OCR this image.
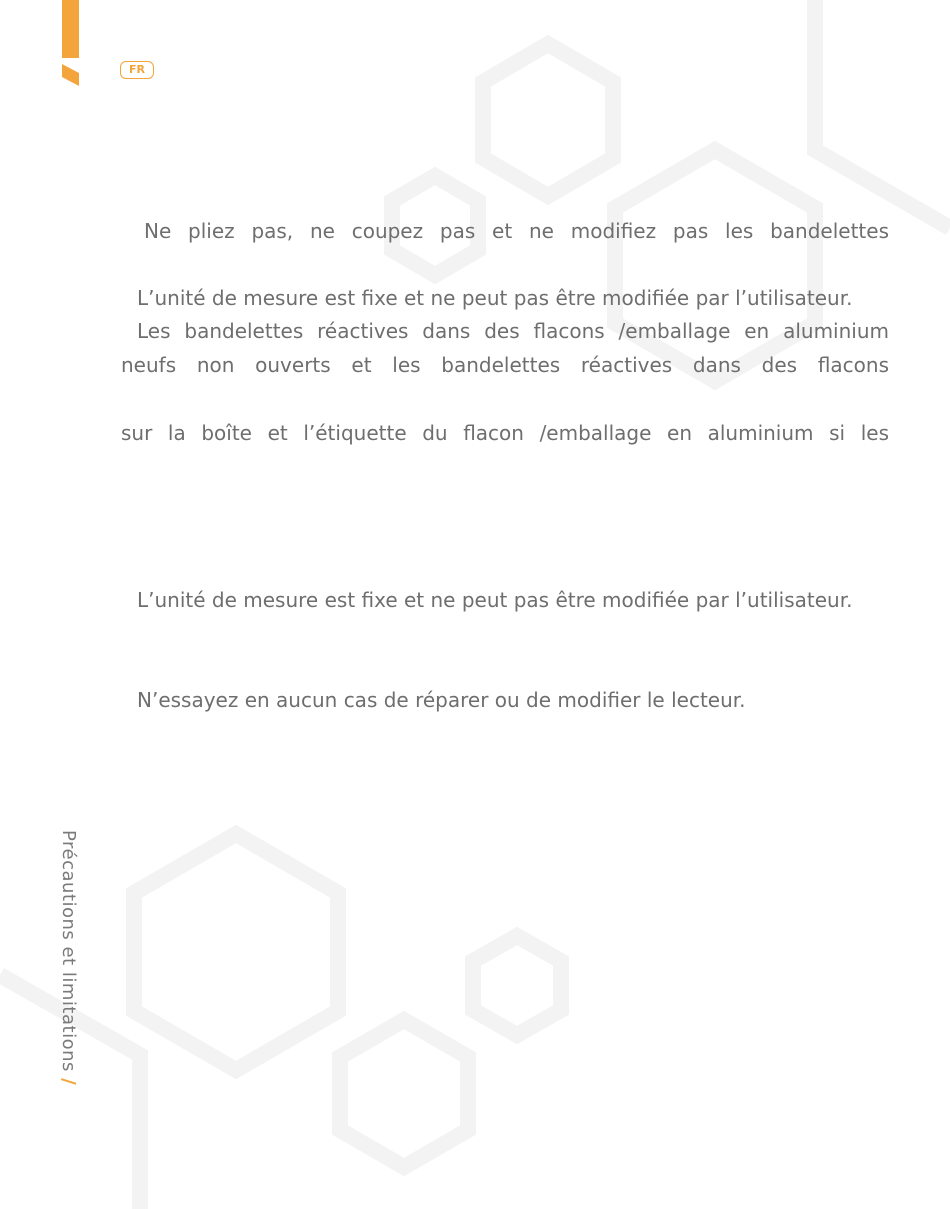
FR
Ne pliez pas, ne coupez pas et ne modifiez pas les bandelettes
L’unité de mesure est fixe et ne peut pas être modifiée par l’utilisateur.
Les bandelettes réactives dans des flacons /emballage en aluminium
neufs non ouverts et les bandelettes réactives dans des flacons
sur la boîte et l’étiquette du flacon /emballage en aluminium si les
L’unité de mesure est fixe et ne peut pas être modifiée par l’utilisateur.
N’essayez en aucun cas de réparer ou de modifier le lecteur.
Précautions et limitations /
